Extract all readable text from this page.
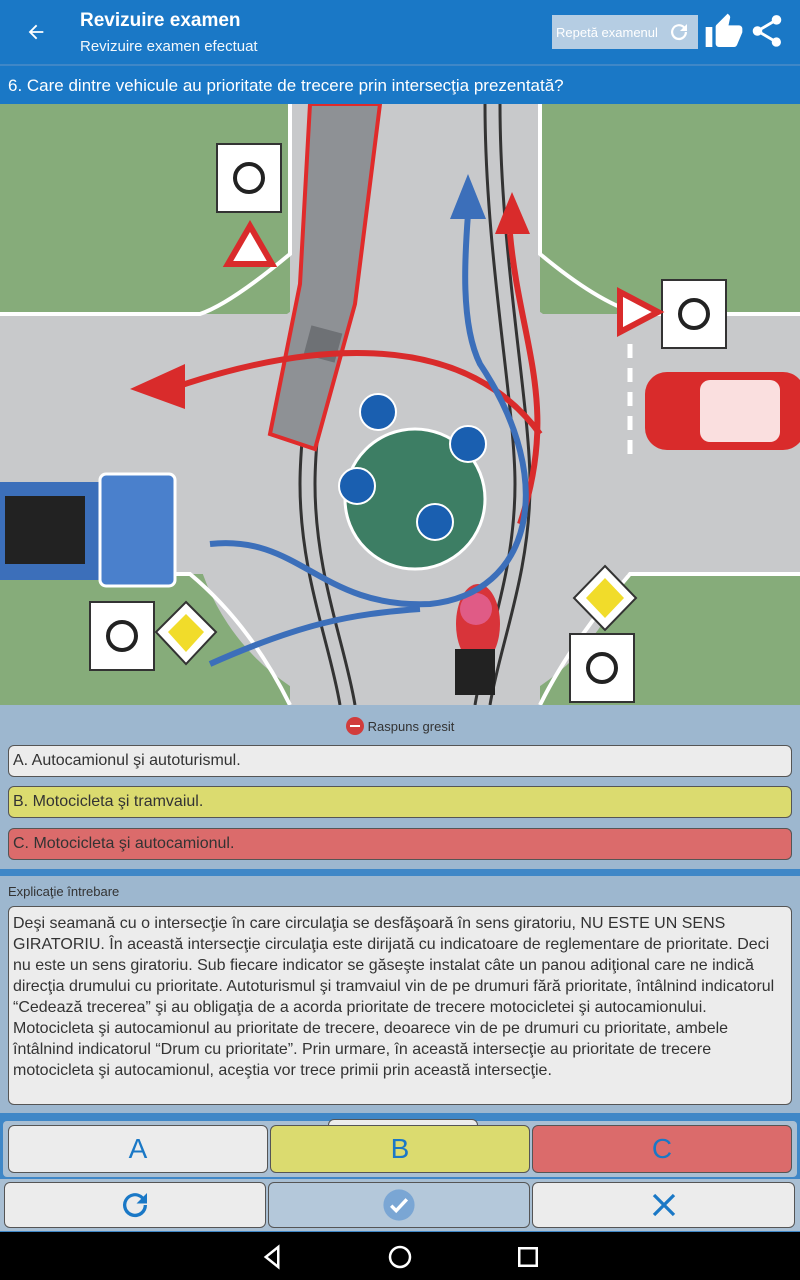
Revizuire examen
Revizuire examen efectuat
Repetă examenul
6. Care dintre vehicule au prioritate de trecere prin intersecţia prezentată?
Raspuns gresit
A. Autocamionul şi autoturismul.
B. Motocicleta şi tramvaiul.
C. Motocicleta şi autocamionul.
Explicaţie întrebare
Deşi seamană cu o intersecţie în care circulaţia se desfăşoară în sens giratoriu, NU ESTE UN SENS GIRATORIU. În această intersecţie circulaţia este dirijată cu indicatoare de reglementare de prioritate. Deci nu este un sens giratoriu. Sub fiecare indicator se găseşte instalat câte un panou adiţional care ne indică direcţia drumului cu prioritate. Autoturismul şi tramvaiul vin de pe drumuri fără prioritate, întâlnind indicatorul “Cedează trecerea” şi au obligaţia de a acorda prioritate de trecere motocicletei şi autocamionului. Motocicleta şi autocamionul au prioritate de trecere, deoarece vin de pe drumuri cu prioritate, ambele întâlnind indicatorul “Drum cu prioritate”. Prin urmare, în această intersecţie au prioritate de trecere motocicleta şi autocamionul, aceştia vor trece primii prin această intersecţie.
A	B	C
